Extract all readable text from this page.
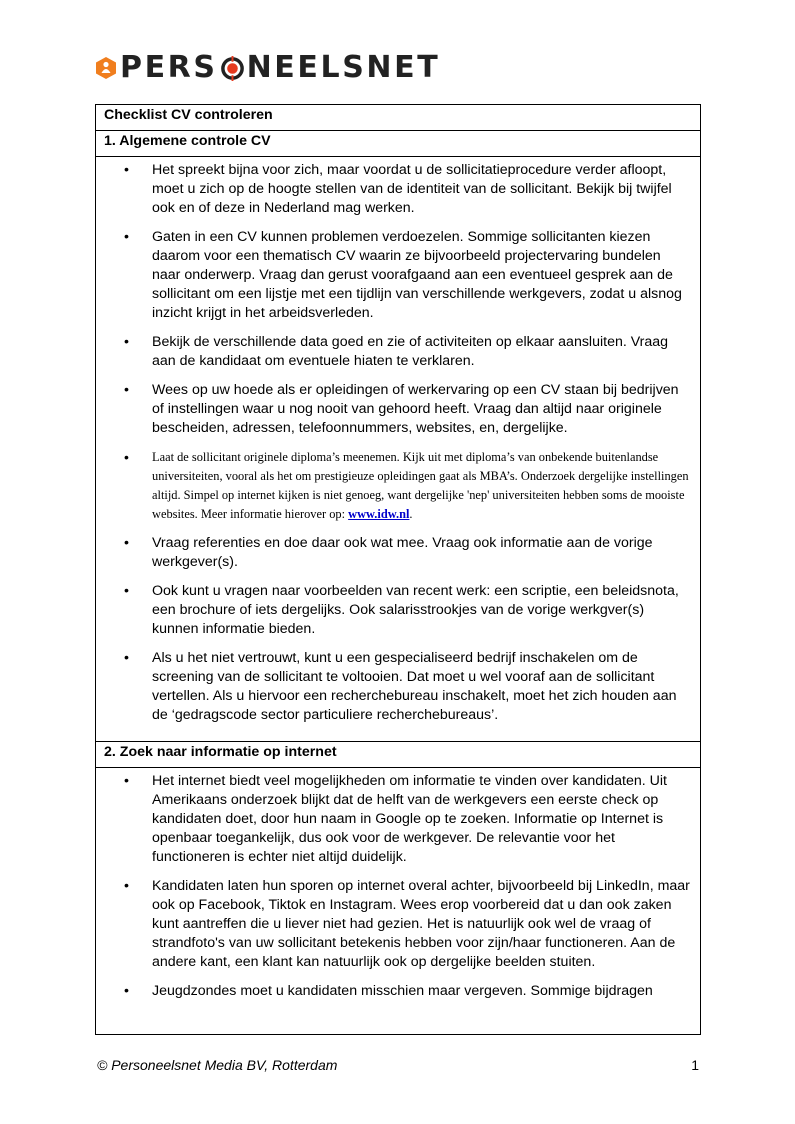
PERS NEELSNET
Checklist CV controleren

1. Algemene controle CV

• Het spreekt bijna voor zich, maar voordat u de sollicitatieprocedure verder afloopt, moet u zich op de hoogte stellen van de identiteit van de sollicitant. Bekijk bij twijfel ook en of deze in Nederland mag werken.
• Gaten in een CV kunnen problemen verdoezelen. Sommige sollicitanten kiezen daarom voor een thematisch CV waarin ze bijvoorbeeld projectervaring bundelen naar onderwerp. Vraag dan gerust voorafgaand aan een eventueel gesprek aan de sollicitant om een lijstje met een tijdlijn van verschillende werkgevers, zodat u alsnog inzicht krijgt in het arbeidsverleden.
• Bekijk de verschillende data goed en zie of activiteiten op elkaar aansluiten. Vraag aan de kandidaat om eventuele hiaten te verklaren.
• Wees op uw hoede als er opleidingen of werkervaring op een CV staan bij bedrijven of instellingen waar u nog nooit van gehoord heeft. Vraag dan altijd naar originele bescheiden, adressen, telefoonnummers, websites, en, dergelijke.
• Laat de sollicitant originele diploma’s meenemen. Kijk uit met diploma’s van onbekende buitenlandse universiteiten, vooral als het om prestigieuze opleidingen gaat als MBA’s. Onderzoek dergelijke instellingen altijd. Simpel op internet kijken is niet genoeg, want dergelijke 'nep' universiteiten hebben soms de mooiste websites. Meer informatie hierover op: www.idw.nl.
• Vraag referenties en doe daar ook wat mee. Vraag ook informatie aan de vorige werkgever(s).
• Ook kunt u vragen naar voorbeelden van recent werk: een scriptie, een beleidsnota, een brochure of iets dergelijks. Ook salarisstrookjes van de vorige werkgver(s) kunnen informatie bieden.
• Als u het niet vertrouwt, kunt u een gespecialiseerd bedrijf inschakelen om de screening van de sollicitant te voltooien. Dat moet u wel vooraf aan de sollicitant vertellen. Als u hiervoor een recherchebureau inschakelt, moet het zich houden aan de ‘gedragscode sector particuliere recherchebureaus’.

2. Zoek naar informatie op internet

• Het internet biedt veel mogelijkheden om informatie te vinden over kandidaten. Uit Amerikaans onderzoek blijkt dat de helft van de werkgevers een eerste check op kandidaten doet, door hun naam in Google op te zoeken. Informatie op Internet is openbaar toegankelijk, dus ook voor de werkgever. De relevantie voor het functioneren is echter niet altijd duidelijk.
• Kandidaten laten hun sporen op internet overal achter, bijvoorbeeld bij LinkedIn, maar ook op Facebook, Tiktok en Instagram. Wees erop voorbereid dat u dan ook zaken kunt aantreffen die u liever niet had gezien. Het is natuurlijk ook wel de vraag of strandfoto's van uw sollicitant betekenis hebben voor zijn/haar functioneren. Aan de andere kant, een klant kan natuurlijk ook op dergelijke beelden stuiten.
• Jeugdzondes moet u kandidaten misschien maar vergeven. Sommige bijdragen
© Personeelsnet Media BV, Rotterdam	1
